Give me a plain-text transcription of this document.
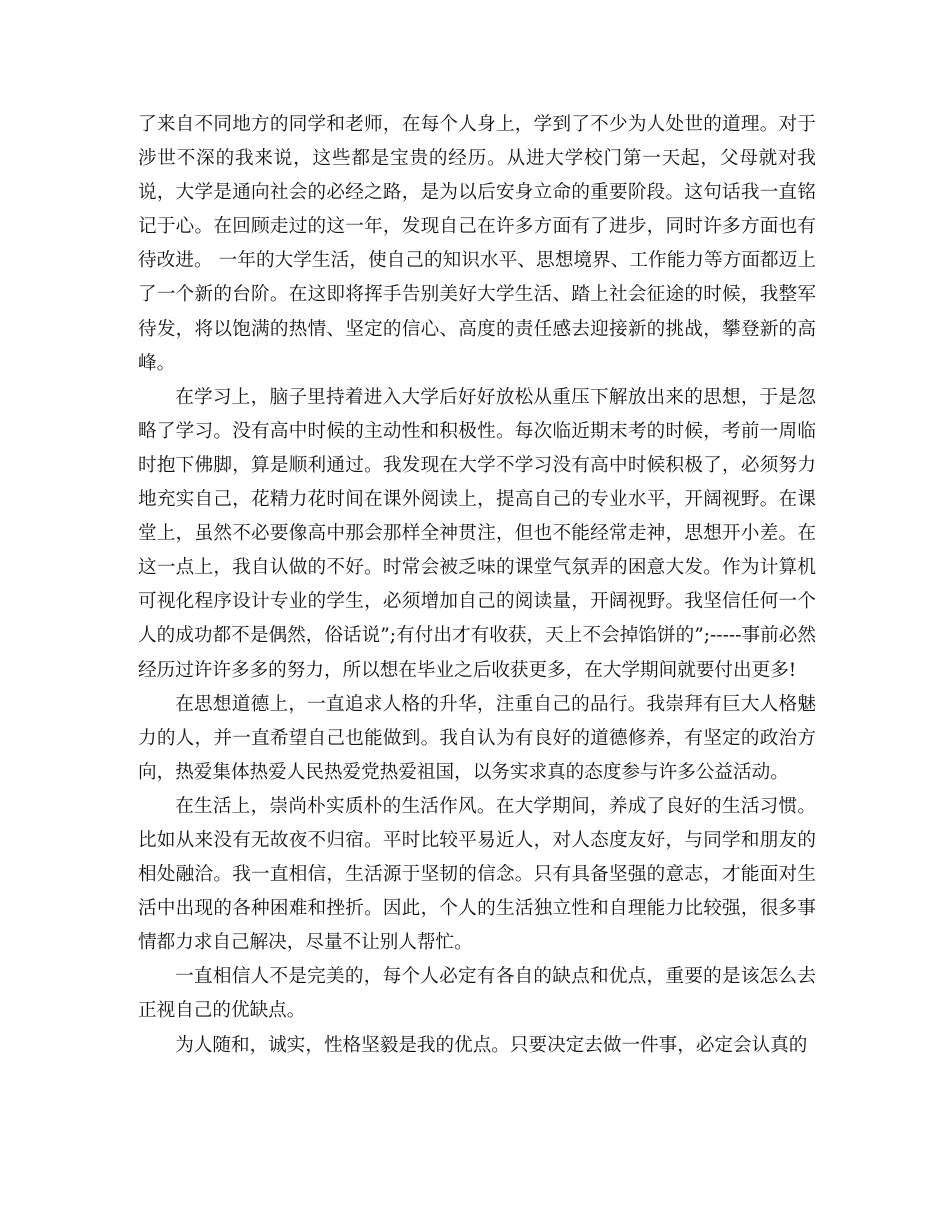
了来自不同地方的同学和老师，在每个人身上，学到了不少为人处世的道理。对于涉世不深的我来说，这些都是宝贵的经历。从进大学校门第一天起，父母就对我说，大学是通向社会的必经之路，是为以后安身立命的重要阶段。这句话我一直铭记于心。在回顾走过的这一年，发现自己在许多方面有了进步，同时许多方面也有待改进。 一年的大学生活，使自己的知识水平、思想境界、工作能力等方面都迈上了一个新的台阶。在这即将挥手告别美好大学生活、踏上社会征途的时候，我整军待发，将以饱满的热情、坚定的信心、高度的责任感去迎接新的挑战，攀登新的高峰。

在学习上，脑子里持着进入大学后好好放松从重压下解放出来的思想，于是忽略了学习。没有高中时候的主动性和积极性。每次临近期末考的时候，考前一周临时抱下佛脚，算是顺利通过。我发现在大学不学习没有高中时候积极了，必须努力地充实自己，花精力花时间在课外阅读上，提高自己的专业水平，开阔视野。在课堂上，虽然不必要像高中那会那样全神贯注，但也不能经常走神，思想开小差。在这一点上，我自认做的不好。时常会被乏味的课堂气氛弄的困意大发。作为计算机可视化程序设计专业的学生，必须增加自己的阅读量，开阔视野。我坚信任何一个人的成功都不是偶然，俗话说”;有付出才有收获，天上不会掉馅饼的”;-----事前必然经历过许许多多的努力，所以想在毕业之后收获更多，在大学期间就要付出更多!

在思想道德上，一直追求人格的升华，注重自己的品行。我崇拜有巨大人格魅力的人，并一直希望自己也能做到。我自认为有良好的道德修养，有坚定的政治方向，热爱集体热爱人民热爱党热爱祖国，以务实求真的态度参与许多公益活动。

在生活上，崇尚朴实质朴的生活作风。在大学期间，养成了良好的生活习惯。比如从来没有无故夜不归宿。平时比较平易近人，对人态度友好，与同学和朋友的相处融洽。我一直相信，生活源于坚韧的信念。只有具备坚强的意志，才能面对生活中出现的各种困难和挫折。因此，个人的生活独立性和自理能力比较强，很多事情都力求自己解决，尽量不让别人帮忙。

一直相信人不是完美的，每个人必定有各自的缺点和优点，重要的是该怎么去正视自己的优缺点。

为人随和，诚实，性格坚毅是我的优点。只要决定去做一件事，必定会认真的
